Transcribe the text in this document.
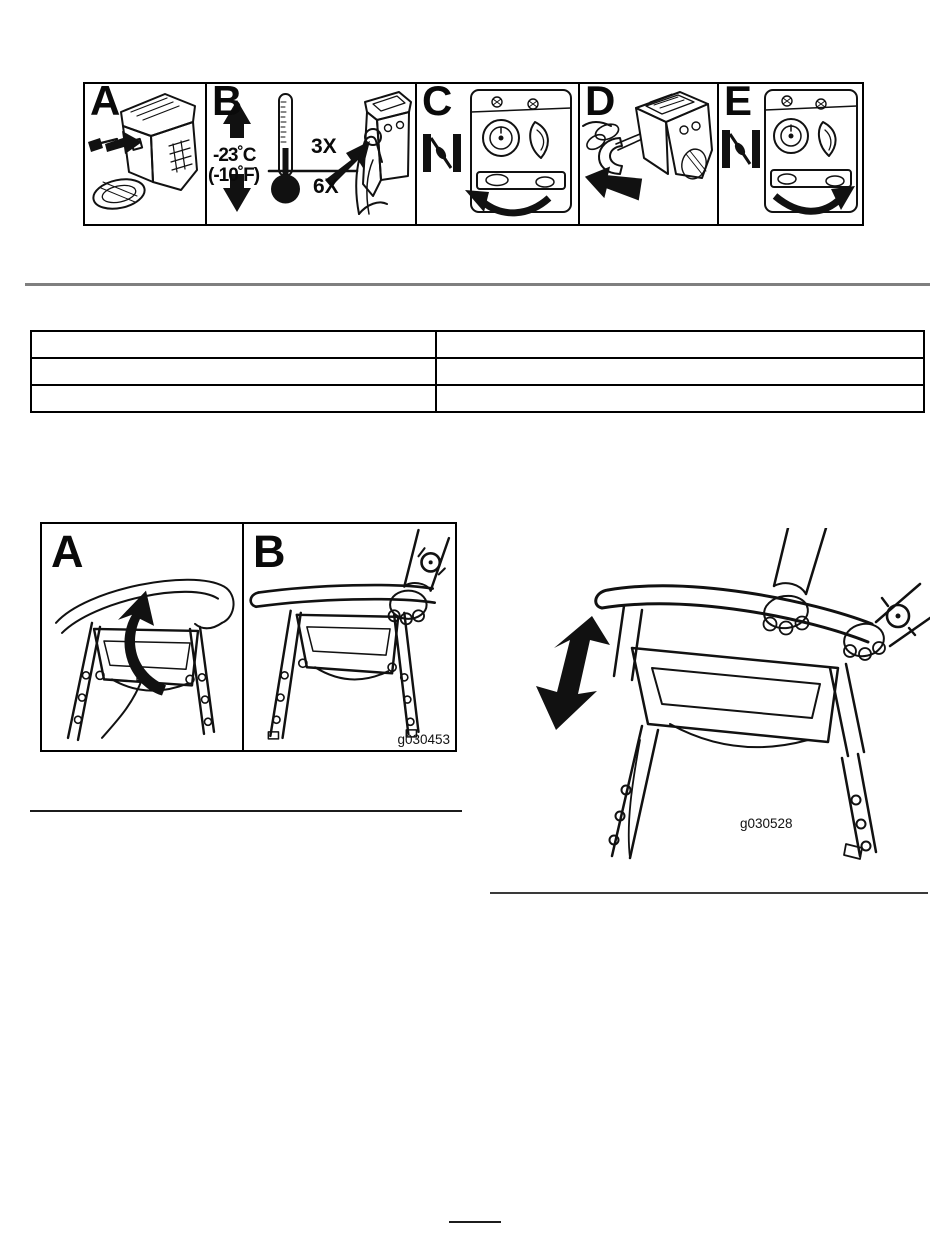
A B
-23˚C
(-10˚F)
3X
6X
C	D	E

A	B
g030453
g030528
